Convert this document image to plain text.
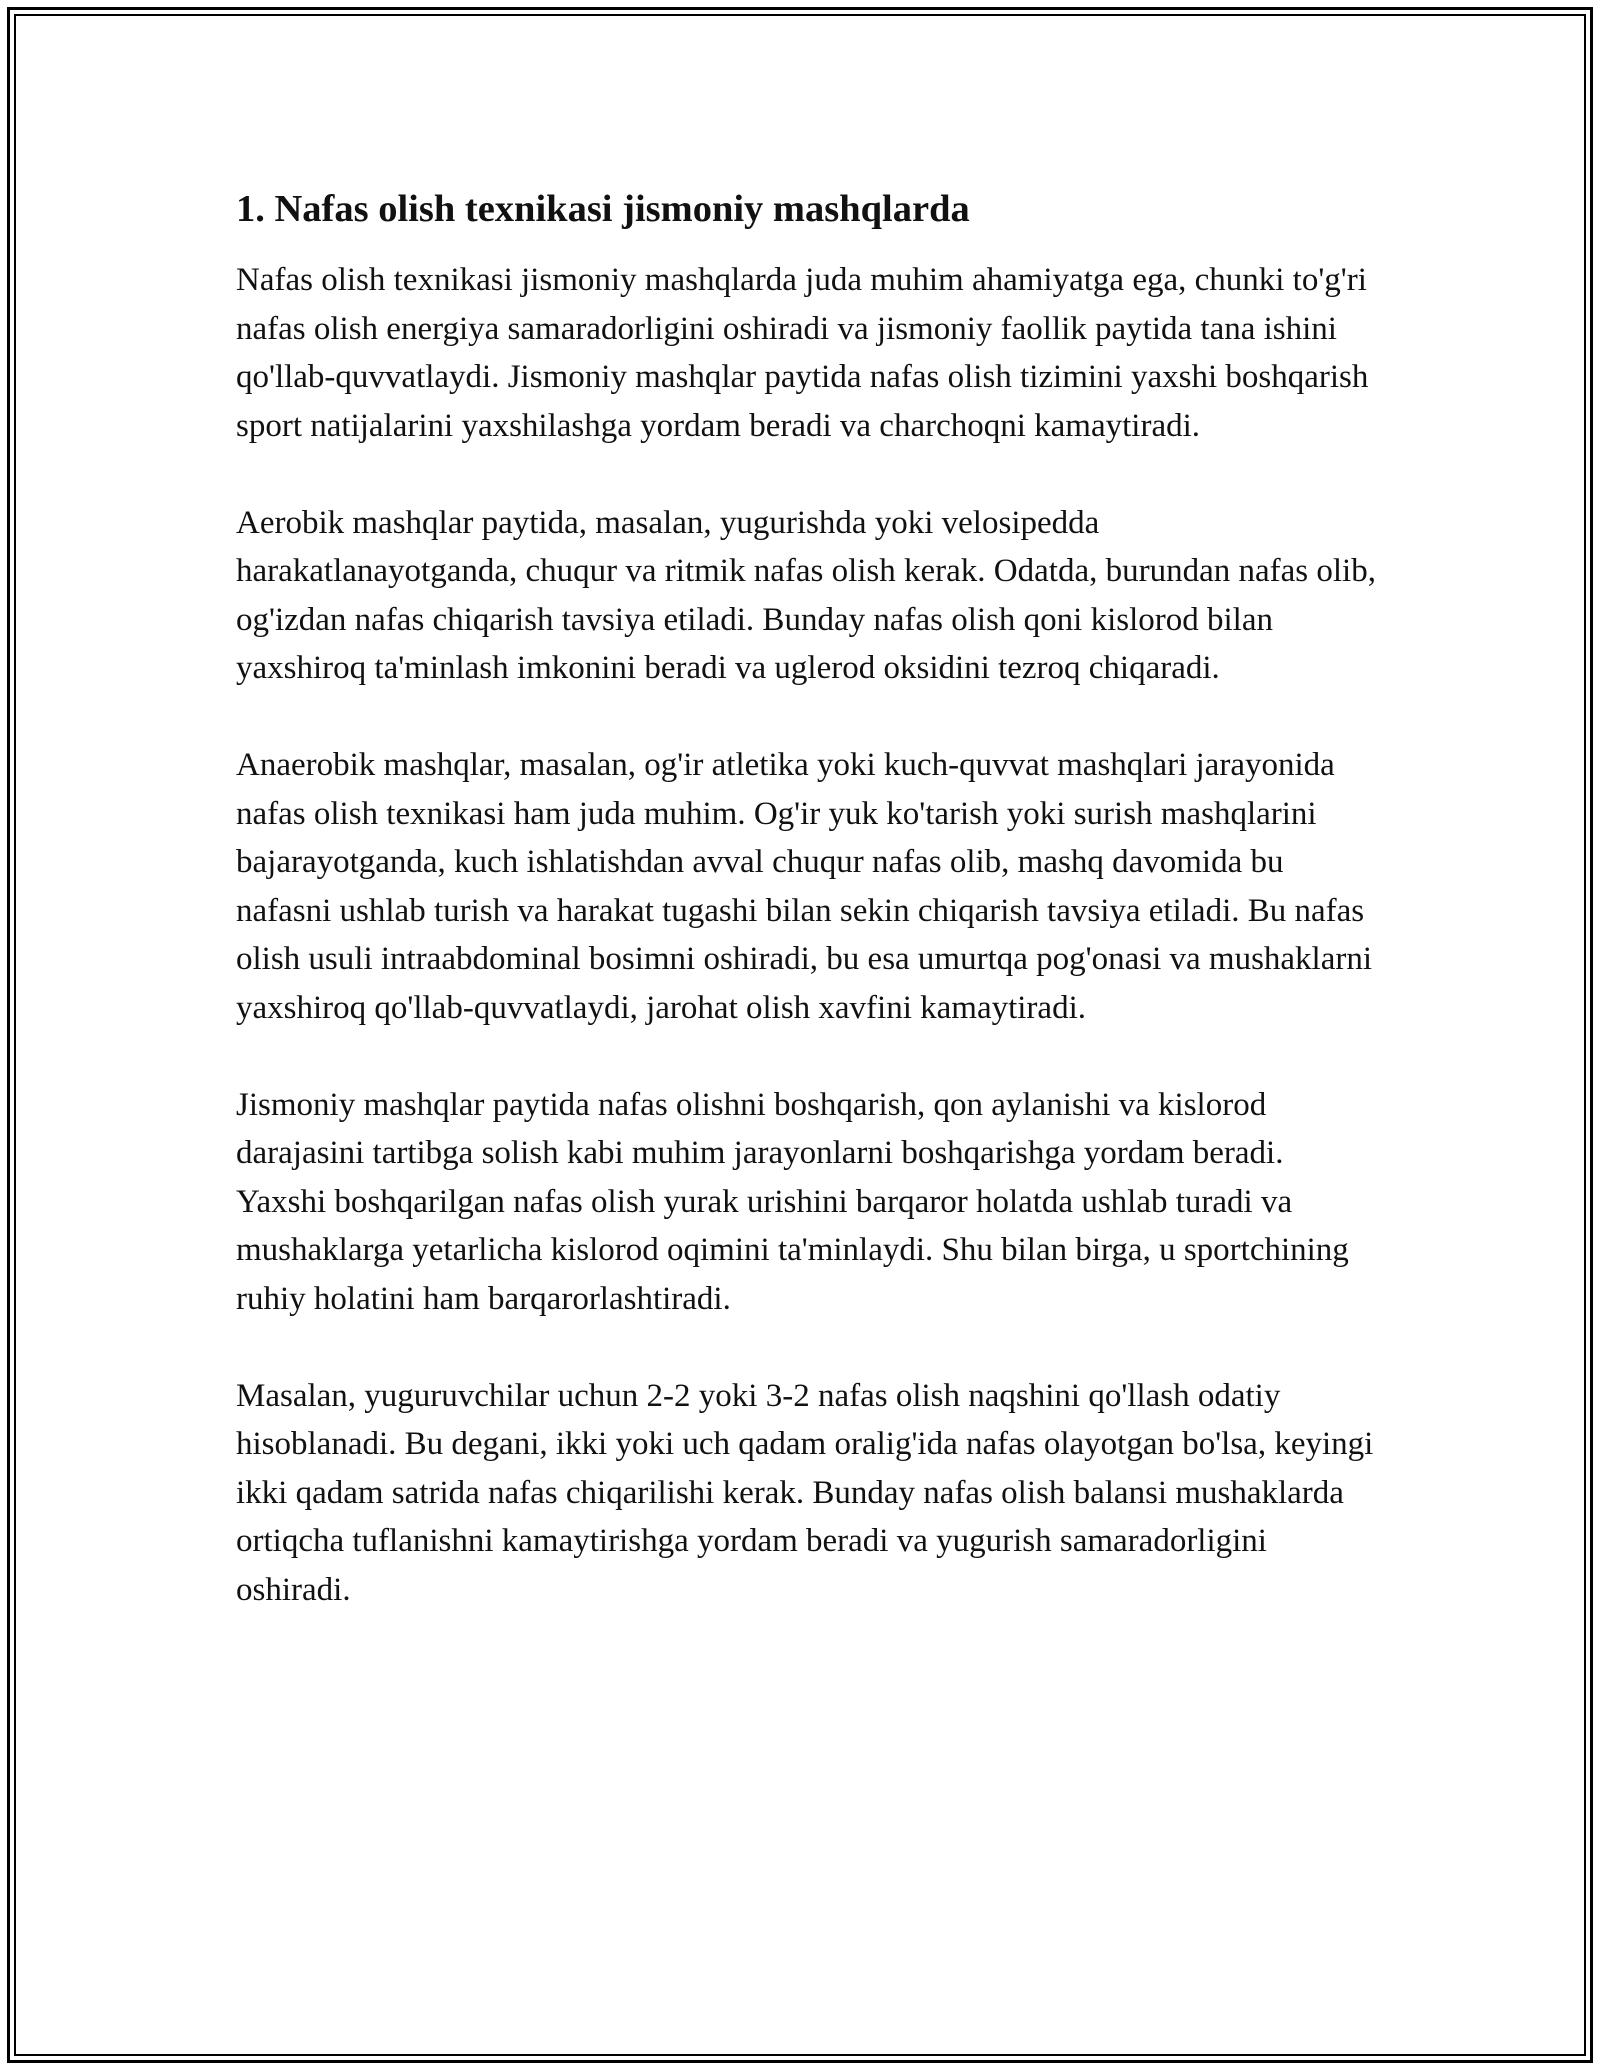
1. Nafas olish texnikasi jismoniy mashqlarda

Nafas olish texnikasi jismoniy mashqlarda juda muhim ahamiyatga ega, chunki to'g'ri nafas olish energiya samaradorligini oshiradi va jismoniy faollik paytida tana ishini qo'llab-quvvatlaydi. Jismoniy mashqlar paytida nafas olish tizimini yaxshi boshqarish sport natijalarini yaxshilashga yordam beradi va charchoqni kamaytiradi.

Aerobik mashqlar paytida, masalan, yugurishda yoki velosipedda harakatlanayotganda, chuqur va ritmik nafas olish kerak. Odatda, burundan nafas olib, og'izdan nafas chiqarish tavsiya etiladi. Bunday nafas olish qoni kislorod bilan yaxshiroq ta'minlash imkonini beradi va uglerod oksidini tezroq chiqaradi.

Anaerobik mashqlar, masalan, og'ir atletika yoki kuch-quvvat mashqlari jarayonida nafas olish texnikasi ham juda muhim. Og'ir yuk ko'tarish yoki surish mashqlarini bajarayotganda, kuch ishlatishdan avval chuqur nafas olib, mashq davomida bu nafasni ushlab turish va harakat tugashi bilan sekin chiqarish tavsiya etiladi. Bu nafas olish usuli intraabdominal bosimni oshiradi, bu esa umurtqa pog'onasi va mushaklarni yaxshiroq qo'llab-quvvatlaydi, jarohat olish xavfini kamaytiradi.

Jismoniy mashqlar paytida nafas olishni boshqarish, qon aylanishi va kislorod darajasini tartibga solish kabi muhim jarayonlarni boshqarishga yordam beradi. Yaxshi boshqarilgan nafas olish yurak urishini barqaror holatda ushlab turadi va mushaklarga yetarlicha kislorod oqimini ta'minlaydi. Shu bilan birga, u sportchining ruhiy holatini ham barqarorlashtiradi.

Masalan, yuguruvchilar uchun 2-2 yoki 3-2 nafas olish naqshini qo'llash odatiy hisoblanadi. Bu degani, ikki yoki uch qadam oralig'ida nafas olayotgan bo'lsa, keyingi ikki qadam satrida nafas chiqarilishi kerak. Bunday nafas olish balansi mushaklarda ortiqcha tuflanishni kamaytirishga yordam beradi va yugurish samaradorligini oshiradi.
